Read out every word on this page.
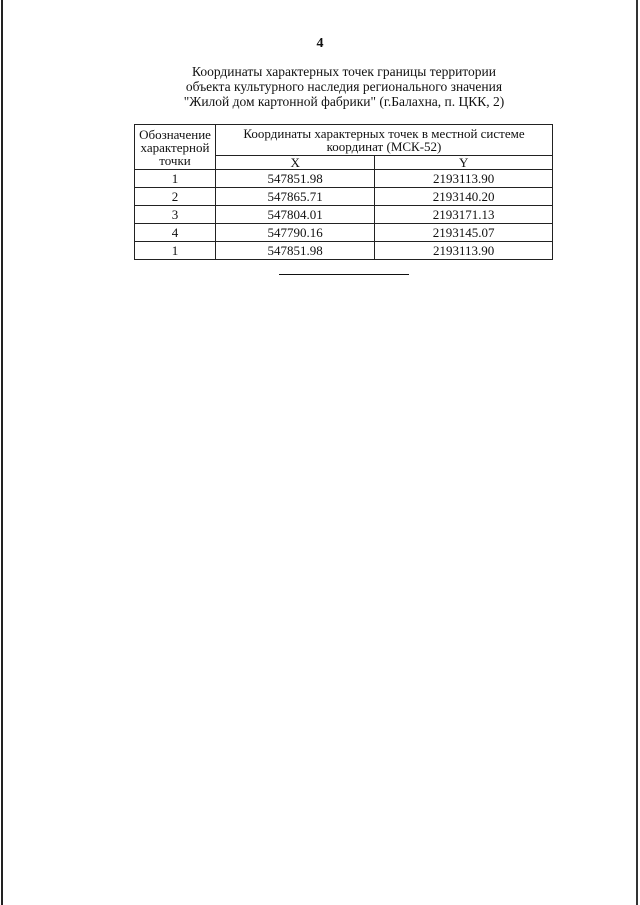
4
Координаты характерных точек границы территории
объекта культурного наследия регионального значения
"Жилой дом картонной фабрики" (г.Балахна, п. ЦКК, 2)
Обозначение характерной точки	Координаты характерных точек в местной системе координат (МСК-52)	
	X	Y
1	547851.98	2193113.90
2	547865.71	2193140.20
3	547804.01	2193171.13
4	547790.16	2193145.07
1	547851.98	2193113.90
